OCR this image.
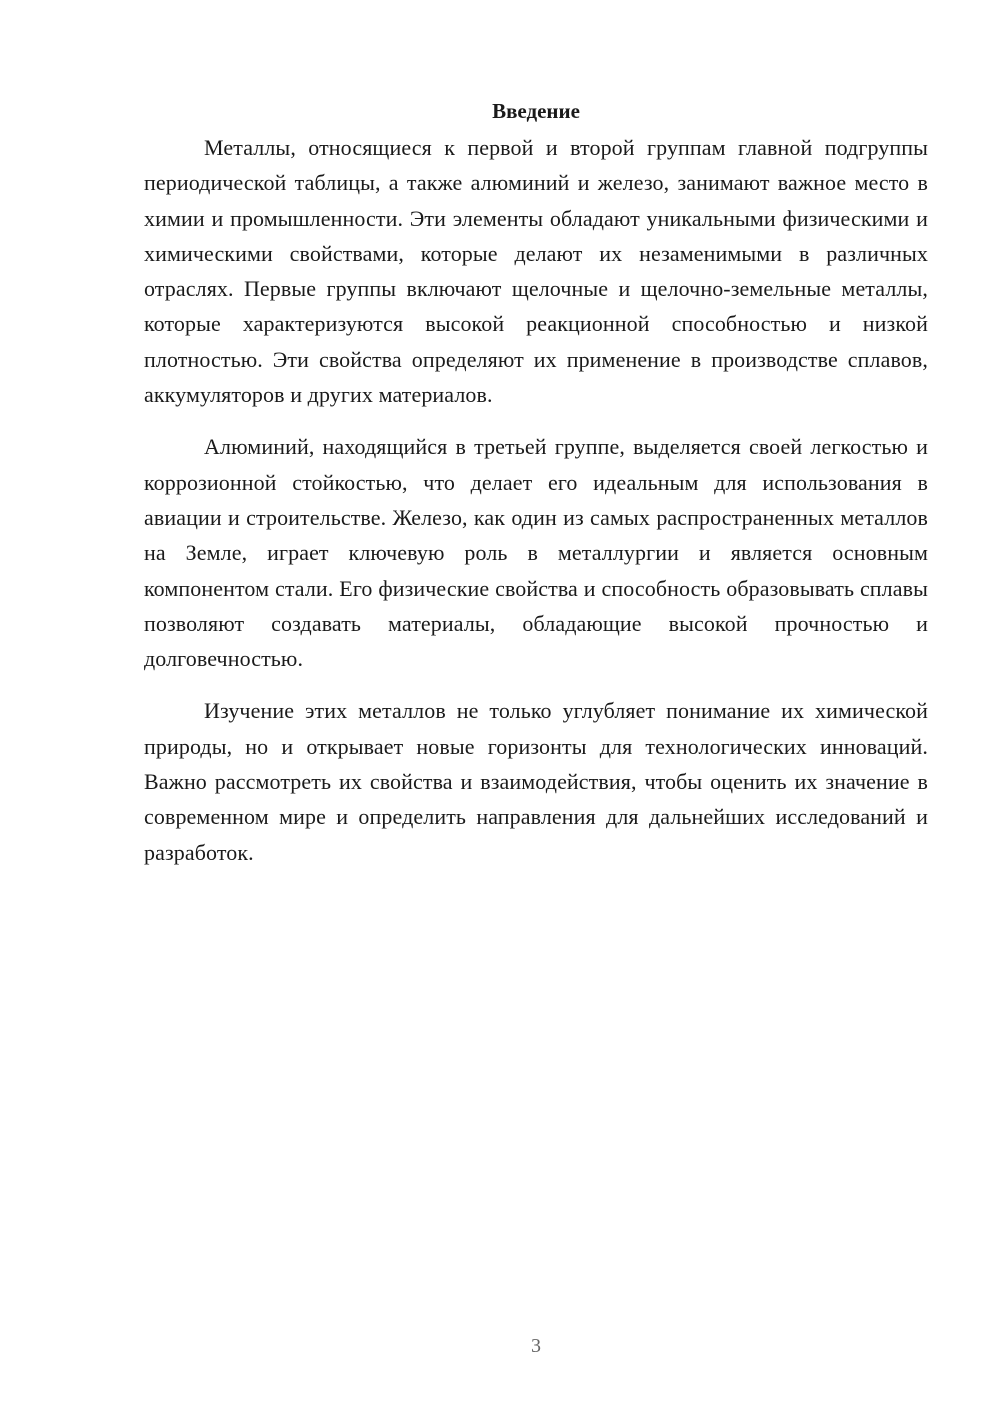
Введение

Металлы, относящиеся к первой и второй группам главной подгруппы периодической таблицы, а также алюминий и железо, занимают важное место в химии и промышленности. Эти элементы обладают уникальными физическими и химическими свойствами, которые делают их незаменимыми в различных отраслях. Первые группы включают щелочные и щелочно-земельные металлы, которые характеризуются высокой реакционной способностью и низкой плотностью. Эти свойства определяют их применение в производстве сплавов, аккумуляторов и других материалов.

Алюминий, находящийся в третьей группе, выделяется своей легкостью и коррозионной стойкостью, что делает его идеальным для использования в авиации и строительстве. Железо, как один из самых распространенных металлов на Земле, играет ключевую роль в металлургии и является основным компонентом стали. Его физические свойства и способность образовывать сплавы позволяют создавать материалы, обладающие высокой прочностью и долговечностью.

Изучение этих металлов не только углубляет понимание их химической природы, но и открывает новые горизонты для технологических инноваций. Важно рассмотреть их свойства и взаимодействия, чтобы оценить их значение в современном мире и определить направления для дальнейших исследований и разработок.

3
